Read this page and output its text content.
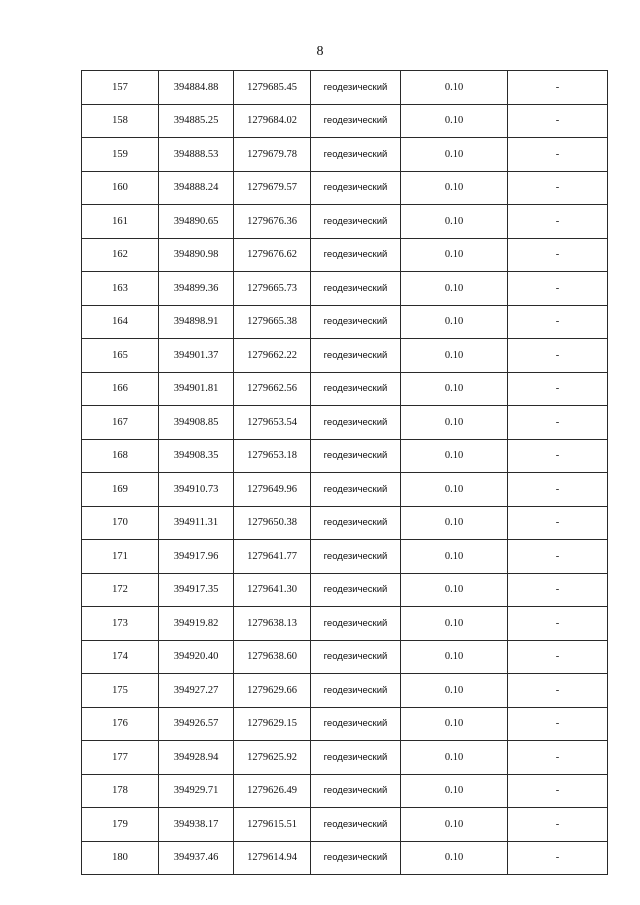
8
157	394884.88	1279685.45	геодезический	0.10	-
158	394885.25	1279684.02	геодезический	0.10	-
159	394888.53	1279679.78	геодезический	0.10	-
160	394888.24	1279679.57	геодезический	0.10	-
161	394890.65	1279676.36	геодезический	0.10	-
162	394890.98	1279676.62	геодезический	0.10	-
163	394899.36	1279665.73	геодезический	0.10	-
164	394898.91	1279665.38	геодезический	0.10	-
165	394901.37	1279662.22	геодезический	0.10	-
166	394901.81	1279662.56	геодезический	0.10	-
167	394908.85	1279653.54	геодезический	0.10	-
168	394908.35	1279653.18	геодезический	0.10	-
169	394910.73	1279649.96	геодезический	0.10	-
170	394911.31	1279650.38	геодезический	0.10	-
171	394917.96	1279641.77	геодезический	0.10	-
172	394917.35	1279641.30	геодезический	0.10	-
173	394919.82	1279638.13	геодезический	0.10	-
174	394920.40	1279638.60	геодезический	0.10	-
175	394927.27	1279629.66	геодезический	0.10	-
176	394926.57	1279629.15	геодезический	0.10	-
177	394928.94	1279625.92	геодезический	0.10	-
178	394929.71	1279626.49	геодезический	0.10	-
179	394938.17	1279615.51	геодезический	0.10	-
180	394937.46	1279614.94	геодезический	0.10	-
